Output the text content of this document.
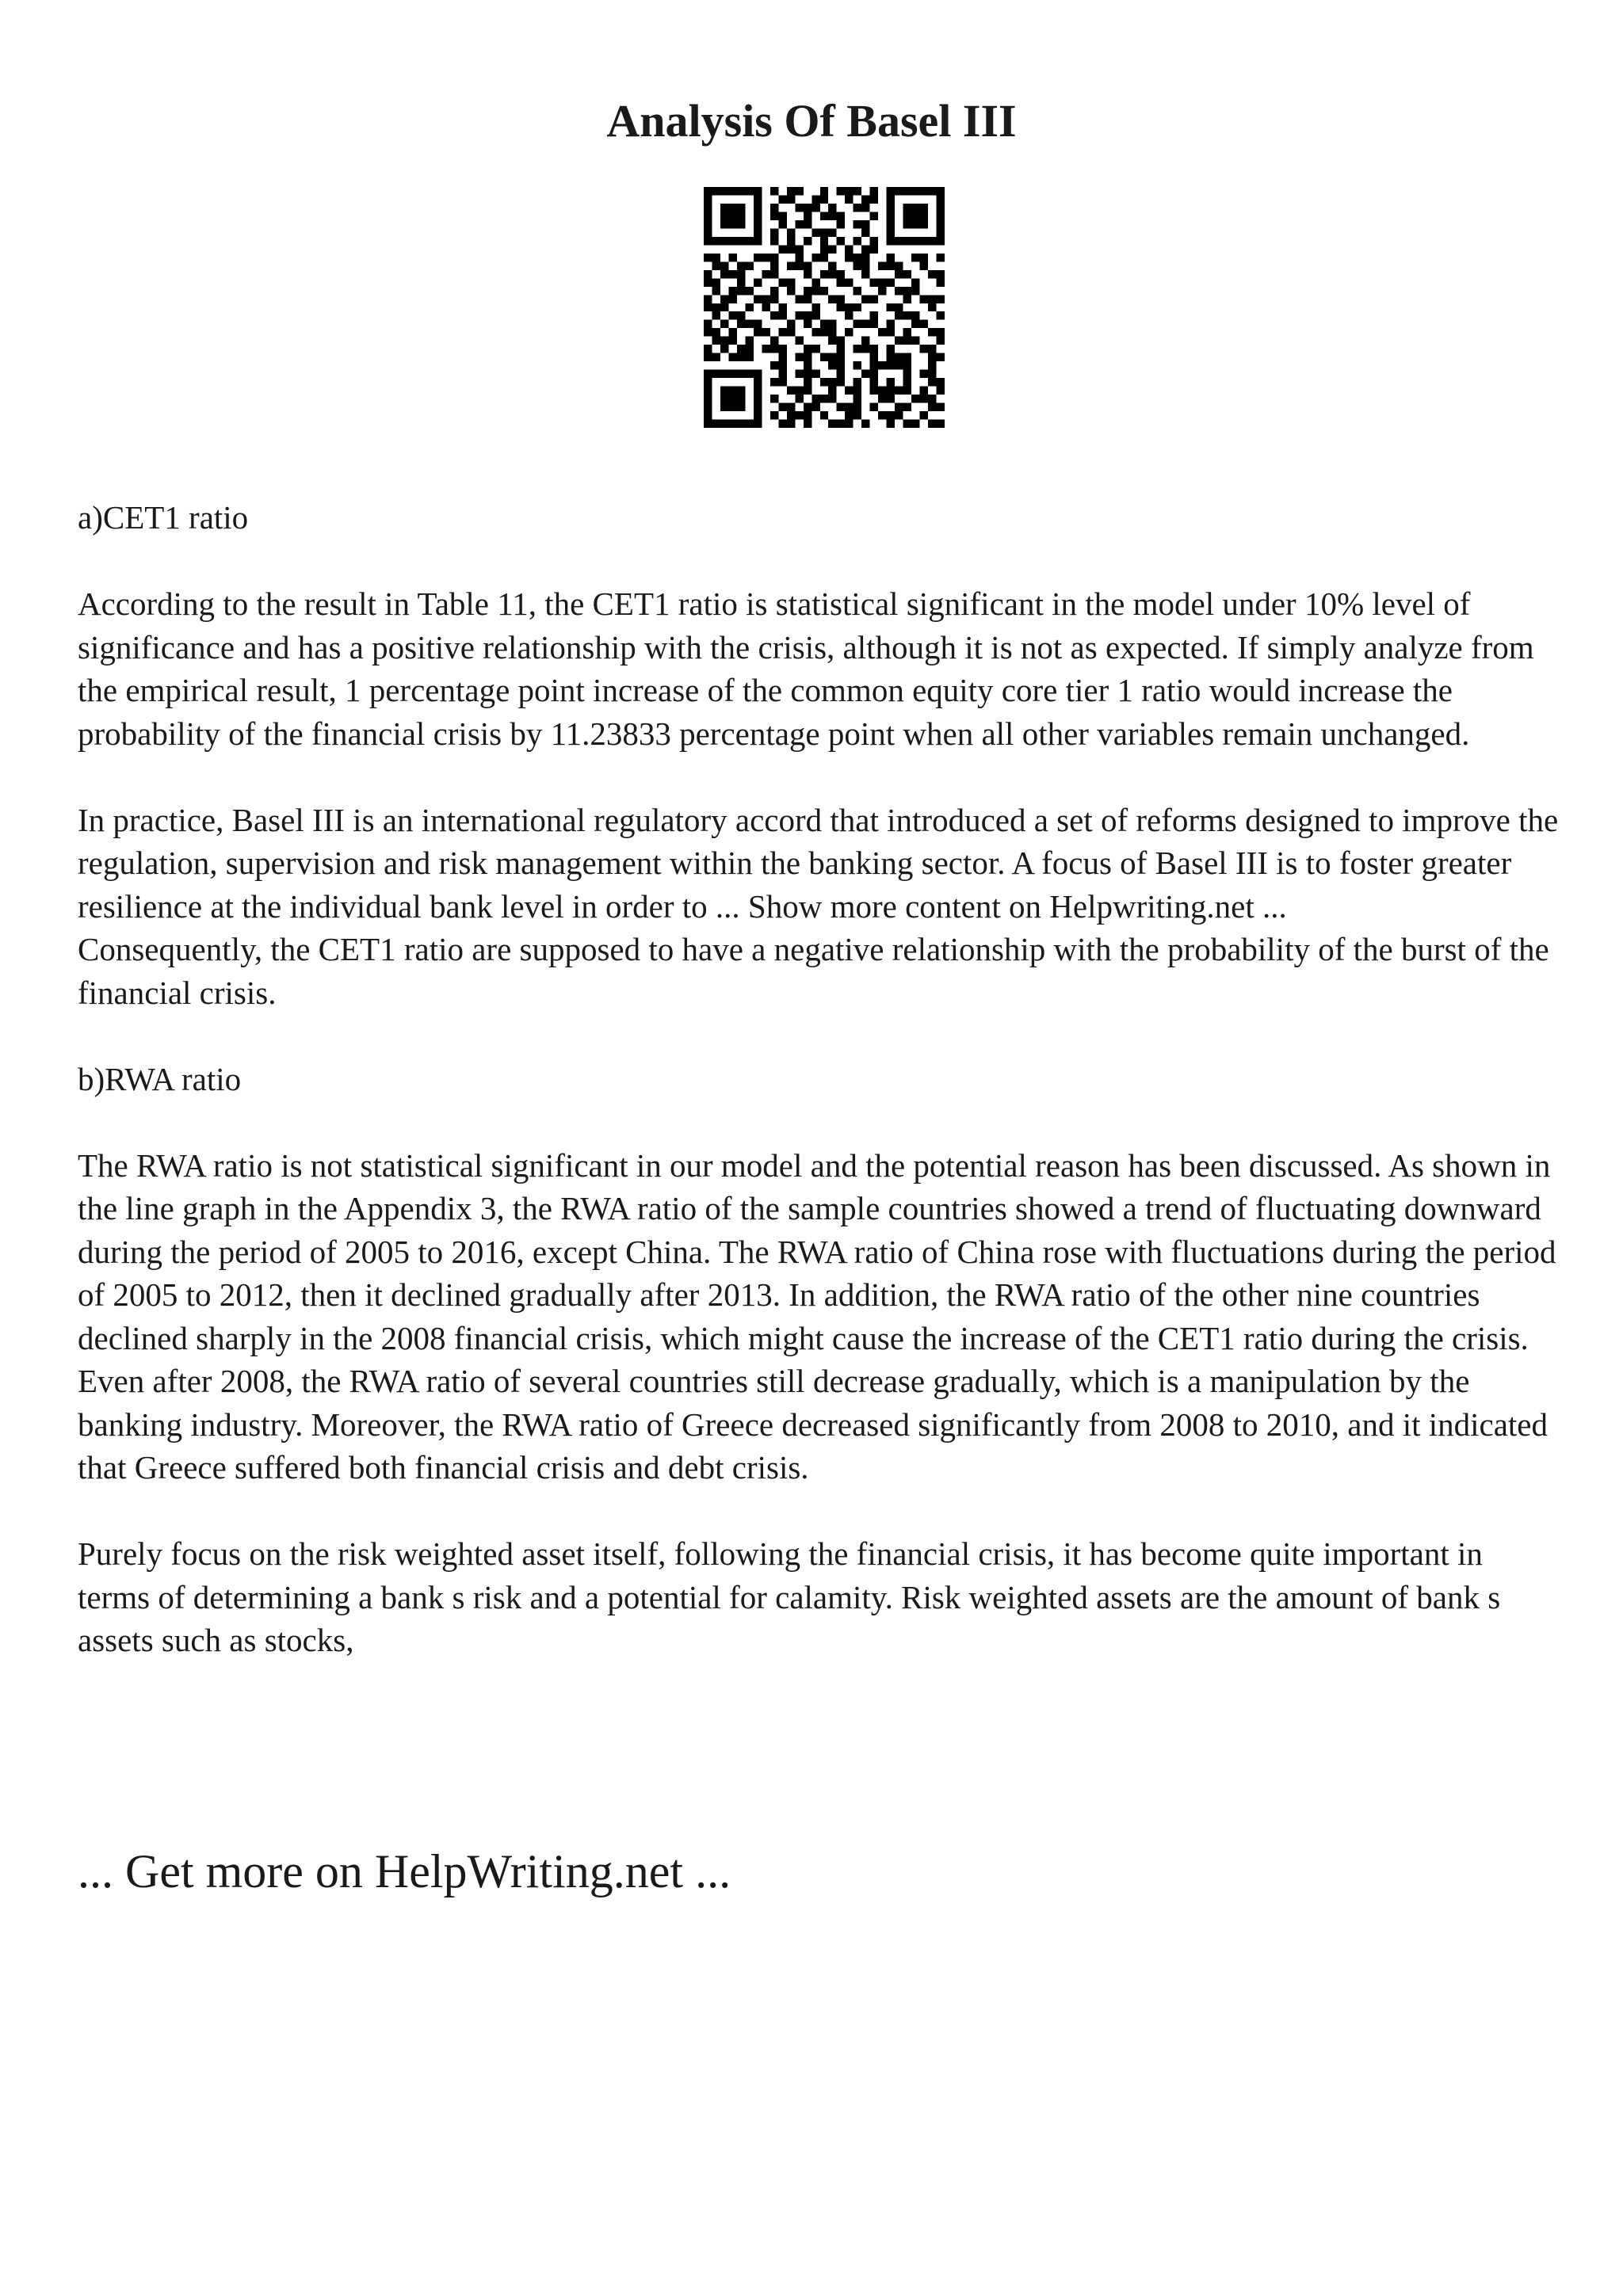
Analysis Of Basel III

a)CET1 ratio

According to the result in Table 11, the CET1 ratio is statistical significant in the model under 10% level of significance and has a positive relationship with the crisis, although it is not as expected. If simply analyze from the empirical result, 1 percentage point increase of the common equity core tier 1 ratio would increase the probability of the financial crisis by 11.23833 percentage point when all other variables remain unchanged.

In practice, Basel III is an international regulatory accord that introduced a set of reforms designed to improve the regulation, supervision and risk management within the banking sector. A focus of Basel III is to foster greater resilience at the individual bank level in order to ... Show more content on Helpwriting.net ...

Consequently, the CET1 ratio are supposed to have a negative relationship with the probability of the burst of the financial crisis.

b)RWA ratio

The RWA ratio is not statistical significant in our model and the potential reason has been discussed. As shown in the line graph in the Appendix 3, the RWA ratio of the sample countries showed a trend of fluctuating downward during the period of 2005 to 2016, except China. The RWA ratio of China rose with fluctuations during the period of 2005 to 2012, then it declined gradually after 2013. In addition, the RWA ratio of the other nine countries declined sharply in the 2008 financial crisis, which might cause the increase of the CET1 ratio during the crisis. Even after 2008, the RWA ratio of several countries still decrease gradually, which is a manipulation by the banking industry. Moreover, the RWA ratio of Greece decreased significantly from 2008 to 2010, and it indicated that Greece suffered both financial crisis and debt crisis.

Purely focus on the risk weighted asset itself, following the financial crisis, it has become quite important in terms of determining a bank s risk and a potential for calamity. Risk weighted assets are the amount of bank s assets such as stocks,

... Get more on HelpWriting.net ...
